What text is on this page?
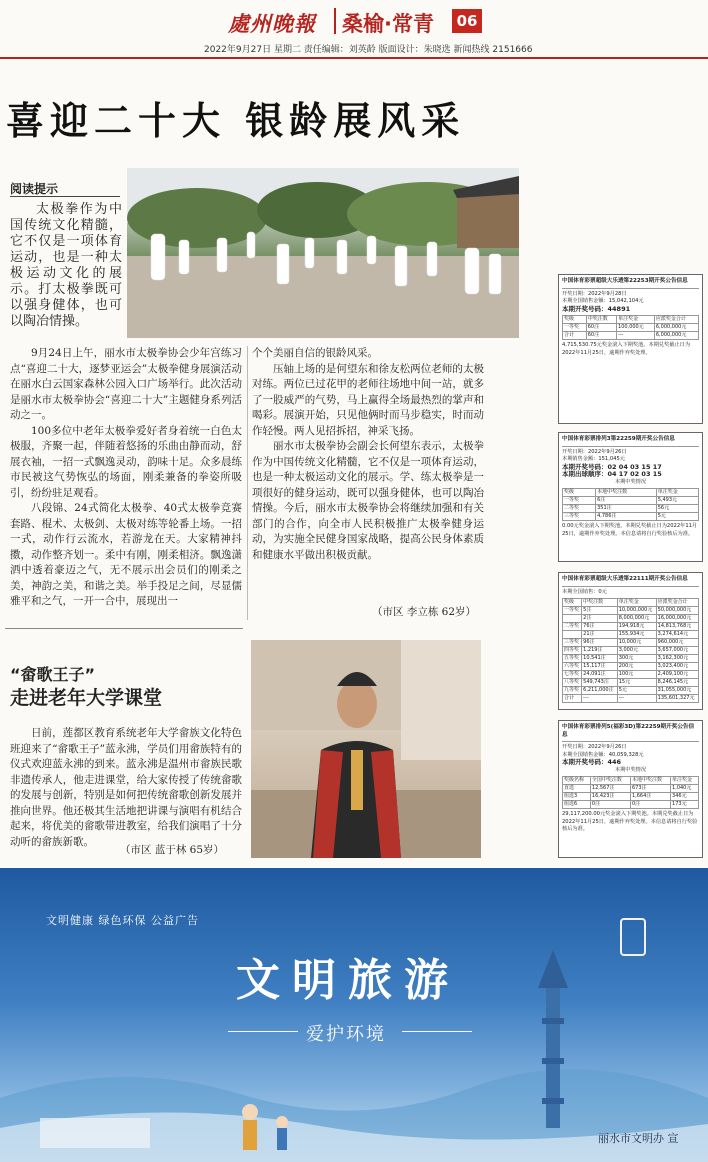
處州晚報 桑榆·常青	06
2022年9月27日 星期二 责任编辑：刘英龄 版面设计：朱晓选 新闻热线 2151666
喜迎二十大 银龄展风采
阅读提示
太极拳作为中国传统文化精髓，它不仅是一项体育运动，也是一种太极运动文化的展示。打太极拳既可以强身健体，也可以陶冶情操。

9月24日上午，丽水市太极拳协会少年宫练习点“喜迎二十大，逐梦亚运会”太极拳健身展演活动在丽水白云国家森林公园入口广场举行。此次活动是丽水市太极拳协会“喜迎二十大”主题健身系列活动之一。

100多位中老年太极拳爱好者身着统一白色太极服，齐聚一起，伴随着悠扬的乐曲由静而动，舒展衣袖，一招一式飘逸灵动，韵味十足。众多晨练市民被这气势恢弘的场面，刚柔兼备的拳姿所吸引，纷纷驻足观看。

八段锦、24式简化太极拳、40式太极拳竞赛套路、棍术、太极剑、太极对练等轮番上场。一招一式，动作行云流水，若游龙在天。大家精神抖擞，动作整齐划一。柔中有刚，刚柔相济。飘逸潇洒中透着豪迈之气，无不展示出会员们的刚柔之美，神韵之美，和谐之美。举手投足之间，尽显儒雅平和之气，一开一合中，展现出一

个个美丽自信的银龄风采。

压轴上场的是何望东和徐友松两位老师的太极对练。两位已过花甲的老师往场地中间一站，就多了一股威严的气势，马上赢得全场最热烈的掌声和喝彩。展演开始，只见他俩时而马步稳实，时而动作轻慢。两人见招拆招，神采飞扬。

丽水市太极拳协会副会长何望东表示，太极拳作为中国传统文化精髓，它不仅是一项体育运动，也是一种太极运动文化的展示。学、练太极拳是一项很好的健身运动，既可以强身健体，也可以陶冶情操。今后，丽水市太极拳协会将继续加强和有关部门的合作，向全市人民积极推广太极拳健身运动，为实施全民健身国家战略，提高公民身体素质和健康水平做出积极贡献。

（市区 李立栋 62岁）
“畲歌王子”
走进老年大学课堂

日前，莲都区教育系统老年大学畲族文化特色班迎来了“畲歌王子”蓝永沸，学员们用畲族特有的仪式欢迎蓝永沸的到来。蓝永沸是温州市畲族民歌非遗传承人，他走进课堂，给大家传授了传统畲歌的发展与创新，特别是如何把传统畲歌创新发展并推向世界。他还极其生活地把讲课与演唱有机结合起来，将优美的畲歌带进教室，给我们演唱了十分动听的畲族新歌。

（市区 蓝于林 65岁）
中国体育彩票超级大乐透第22253期开奖公告信息
开奖日期：2022年9月28日
本期全国销售金额：15,042,104元
本期开奖号码：44891
奖级	中奖注数	单注奖金	应派奖金合计
一等奖	60注	100,000元	6,000,000元
合计	60注	---	6,000,000元
4,715,530.75元奖金滚入下期奖池。本期兑奖截止日为2022年11月25日，逾期作弃奖处理。
中国体育彩票排列3第22259期开奖公告信息
开奖日期：2022年9月26日
本期销售金额：151,045元
本期开奖号码：02 04 03 15 17
本期出球顺序：04 17 02 03 15
本期中奖情况
奖级	本地中奖注数	单注奖金
一等奖	6注	5,493元
二等奖	351注	56元
三等奖	4,786注	5元
0.00元奖金滚入下期奖池。本期兑奖截止日为2022年11月25日，逾期作弃奖处理。本信息请将自行奖验核后为准。
中国体育彩票超级大乐透第22111期开奖公告信息
本期全国销售：0元
奖级	中奖注数	单注奖金	应派奖金合计
一等奖	5注	10,000,000元	50,000,000元
	2注	8,000,000元	16,000,000元
二等奖	76注	194,918元	14,813,768元
	21注	155,934元	3,274,614元
三等奖	96注	10,000元	960,000元
四等奖	1,219注	3,000元	3,657,000元
五等奖	10,541注	300元	3,162,300元
六等奖	15,117注	200元	3,023,400元
七等奖	24,091注	100元	2,409,100元
八等奖	549,743注	15元	8,246,145元
九等奖	6,211,000注	5元	31,055,000元
合计	---	---	135,601,327元
中国体育彩票排列5(福彩3D)第22259期开奖公告信息
开奖日期：2022年9月26日
本期全国销售金额：40,059,328元
本期开奖号码：446
本期中奖情况
奖级名称	全国中奖注数	本地中奖注数	单注奖金
直选	12,567注	673注	1,040元
组选3	16,423注	1,664注	346元
组选6	0注	0注	173元
29,117,200.00元奖金滚入下期奖池。本期兑奖截止日为2022年11月25日，逾期作弃奖处理。本信息请将自行奖验核后为准。
文明健康 绿色环保 公益广告
文明旅游
爱护环境
丽水市文明办 宣
